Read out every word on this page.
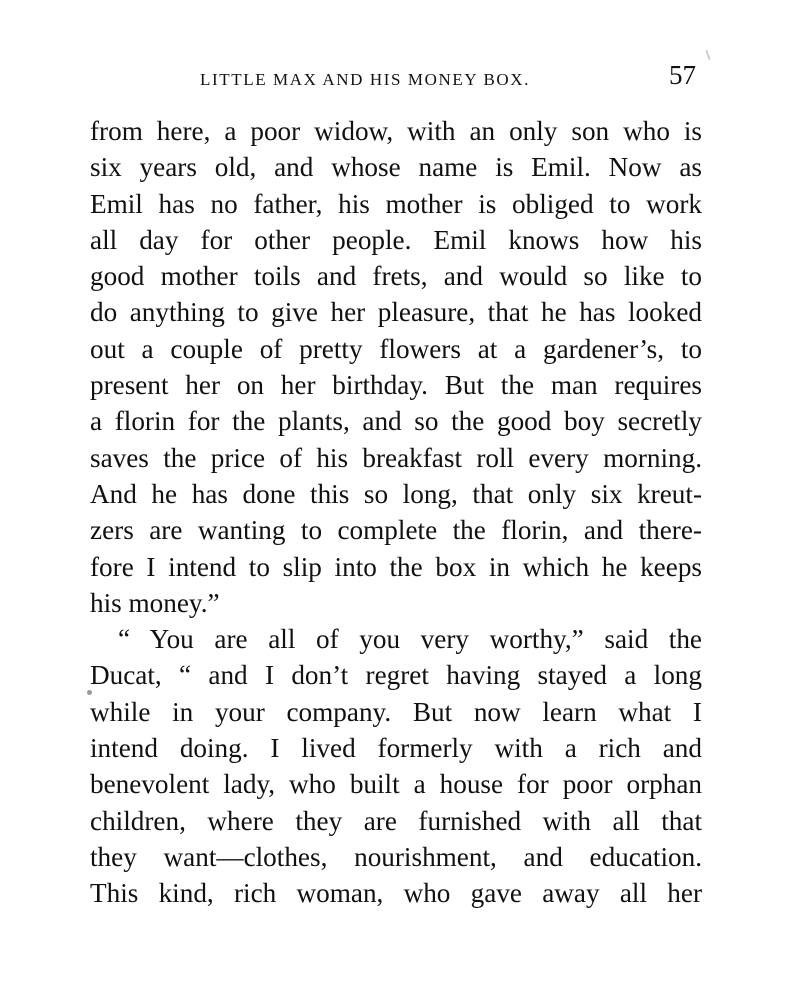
LITTLE MAX AND HIS MONEY BOX.	57
from here, a poor widow, with an only son who is
six years old, and whose name is Emil. Now as
Emil has no father, his mother is obliged to work
all day for other people. Emil knows how his
good mother toils and frets, and would so like to
do anything to give her pleasure, that he has looked
out a couple of pretty flowers at a gardener’s, to
present her on her birthday. But the man requires
a florin for the plants, and so the good boy secretly
saves the price of his breakfast roll every morning.
And he has done this so long, that only six kreut-
zers are wanting to complete the florin, and there-
fore I intend to slip into the box in which he keeps
his money.”
“ You are all of you very worthy,” said the
Ducat, “ and I don’t regret having stayed a long
while in your company. But now learn what I
intend doing. I lived formerly with a rich and
benevolent lady, who built a house for poor orphan
children, where they are furnished with all that
they want—clothes, nourishment, and education.
This kind, rich woman, who gave away all her
